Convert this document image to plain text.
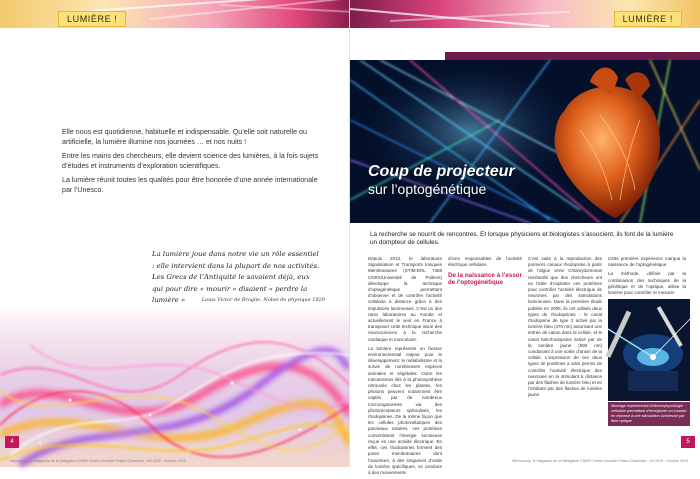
LUMIÈRE !

Elle nous est quotidienne, habituelle et indispensable. Qu’elle soit naturelle ou artificielle, la lumière illumine nos journées … et nos nuits !

Entre les mains des chercheurs, elle devient science des lumières, à la fois sujets d’études et instruments d’exploration scientifiques.

La lumière réunit toutes les qualités pour être honorée d’une année internationale par l’Unesco.

La lumière joue dans notre vie un rôle essentiel : elle intervient dans la plupart de nos activités. Les Grecs de l’Antiquité le savaient déjà, eux qui pour dire « mourir » disaient « perdre la lumière »	Louis Victor de Broglie, Nobel de physique 1929
4
Microscoop, le magazine de la Délégation CNRS Centre Limousin Poitou-Charentes - #S 2015 - Octobre 2015
LUMIÈRE !
Coup de projecteur
sur l’optogénétique
La recherche se nourrit de rencontres. Et lorsque physiciens et biologistes s’associent, ils font de la lumière un dompteur de cellules.

Depuis 2013, le laboratoire Signalisation et Transports Ioniques Membranaires (STIM-ERL 7368 CNRS/Université de Poitiers) développe la technique d’optogénétique permettant d’observer et de contrôler l’activité cellulaire à distance grâce à des impulsions lumineuses. C’est un des rares laboratoires au monde et actuellement le seul en France à transposer cette technique issue des neurosciences à la recherche cardiaque et musculaire.

La lumière représente un facteur environnemental majeur pour le développement, le métabolisme et la survie de nombreuses espèces animales et végétales. Outre les mécanismes liés à la photosynthèse retrouvés chez les plantes, les photons peuvent notamment être captés par de nombreux microorganismes via des photorécepteurs spécialisés, les rhodopsines. De la même façon que les cellules photovoltaïques des panneaux solaires, ces protéines convertissent l’énergie lumineuse reçue en une activité électrique. En effet, ces rhodopsines forment des pores membranaires dont l’ouverture, à des longueurs d’onde de lumière spécifiques, va conduire à des mouvements

d’ions responsables de l’activité électrique cellulaire.

De la naissance à l’essor de l’optogénétique

C’est suite à la reproduction des premiers canaux rhodopsine à partir de l’algue verte Chlamydomonas reinhardtii que des chercheurs ont eu l’idée d’exploiter ces protéines pour contrôler l’activité électrique de neurones par des stimulations lumineuses. Dans la première étude publiée en 2005, ils ont utilisés deux types de rhodopsines : le canal rhodopsine de type 2 activé par la lumière bleu (470 nm) autorisant une entrée de cation dans la cellule, et le canal halorhodopsine activé par de la lumière jaune (590 nm) conduisant à une sortie d’anion de la cellule. L’expression de ces deux types de protéines a ainsi permis de contrôler l’activité électrique des neurones en la stimulant à distance par des flashes de lumière bleu et en l’inhibant par des flashes de lumière jaune.

Cette première expérience marqua la naissance de l’optogénétique.

La méthode, définie par la combinaison des techniques de la génétique et de l’optique, utilise la lumière pour contrôler et mesurer

Montage expérimental d’électrophysiologie cellulaire permettant d’enregistrer un courant en réponse à une stimulation lumineuse par fibre optique
5
Microscoop, le magazine de la Délégation CNRS Centre Limousin Poitou-Charentes - #S 2015 - Octobre 2015
